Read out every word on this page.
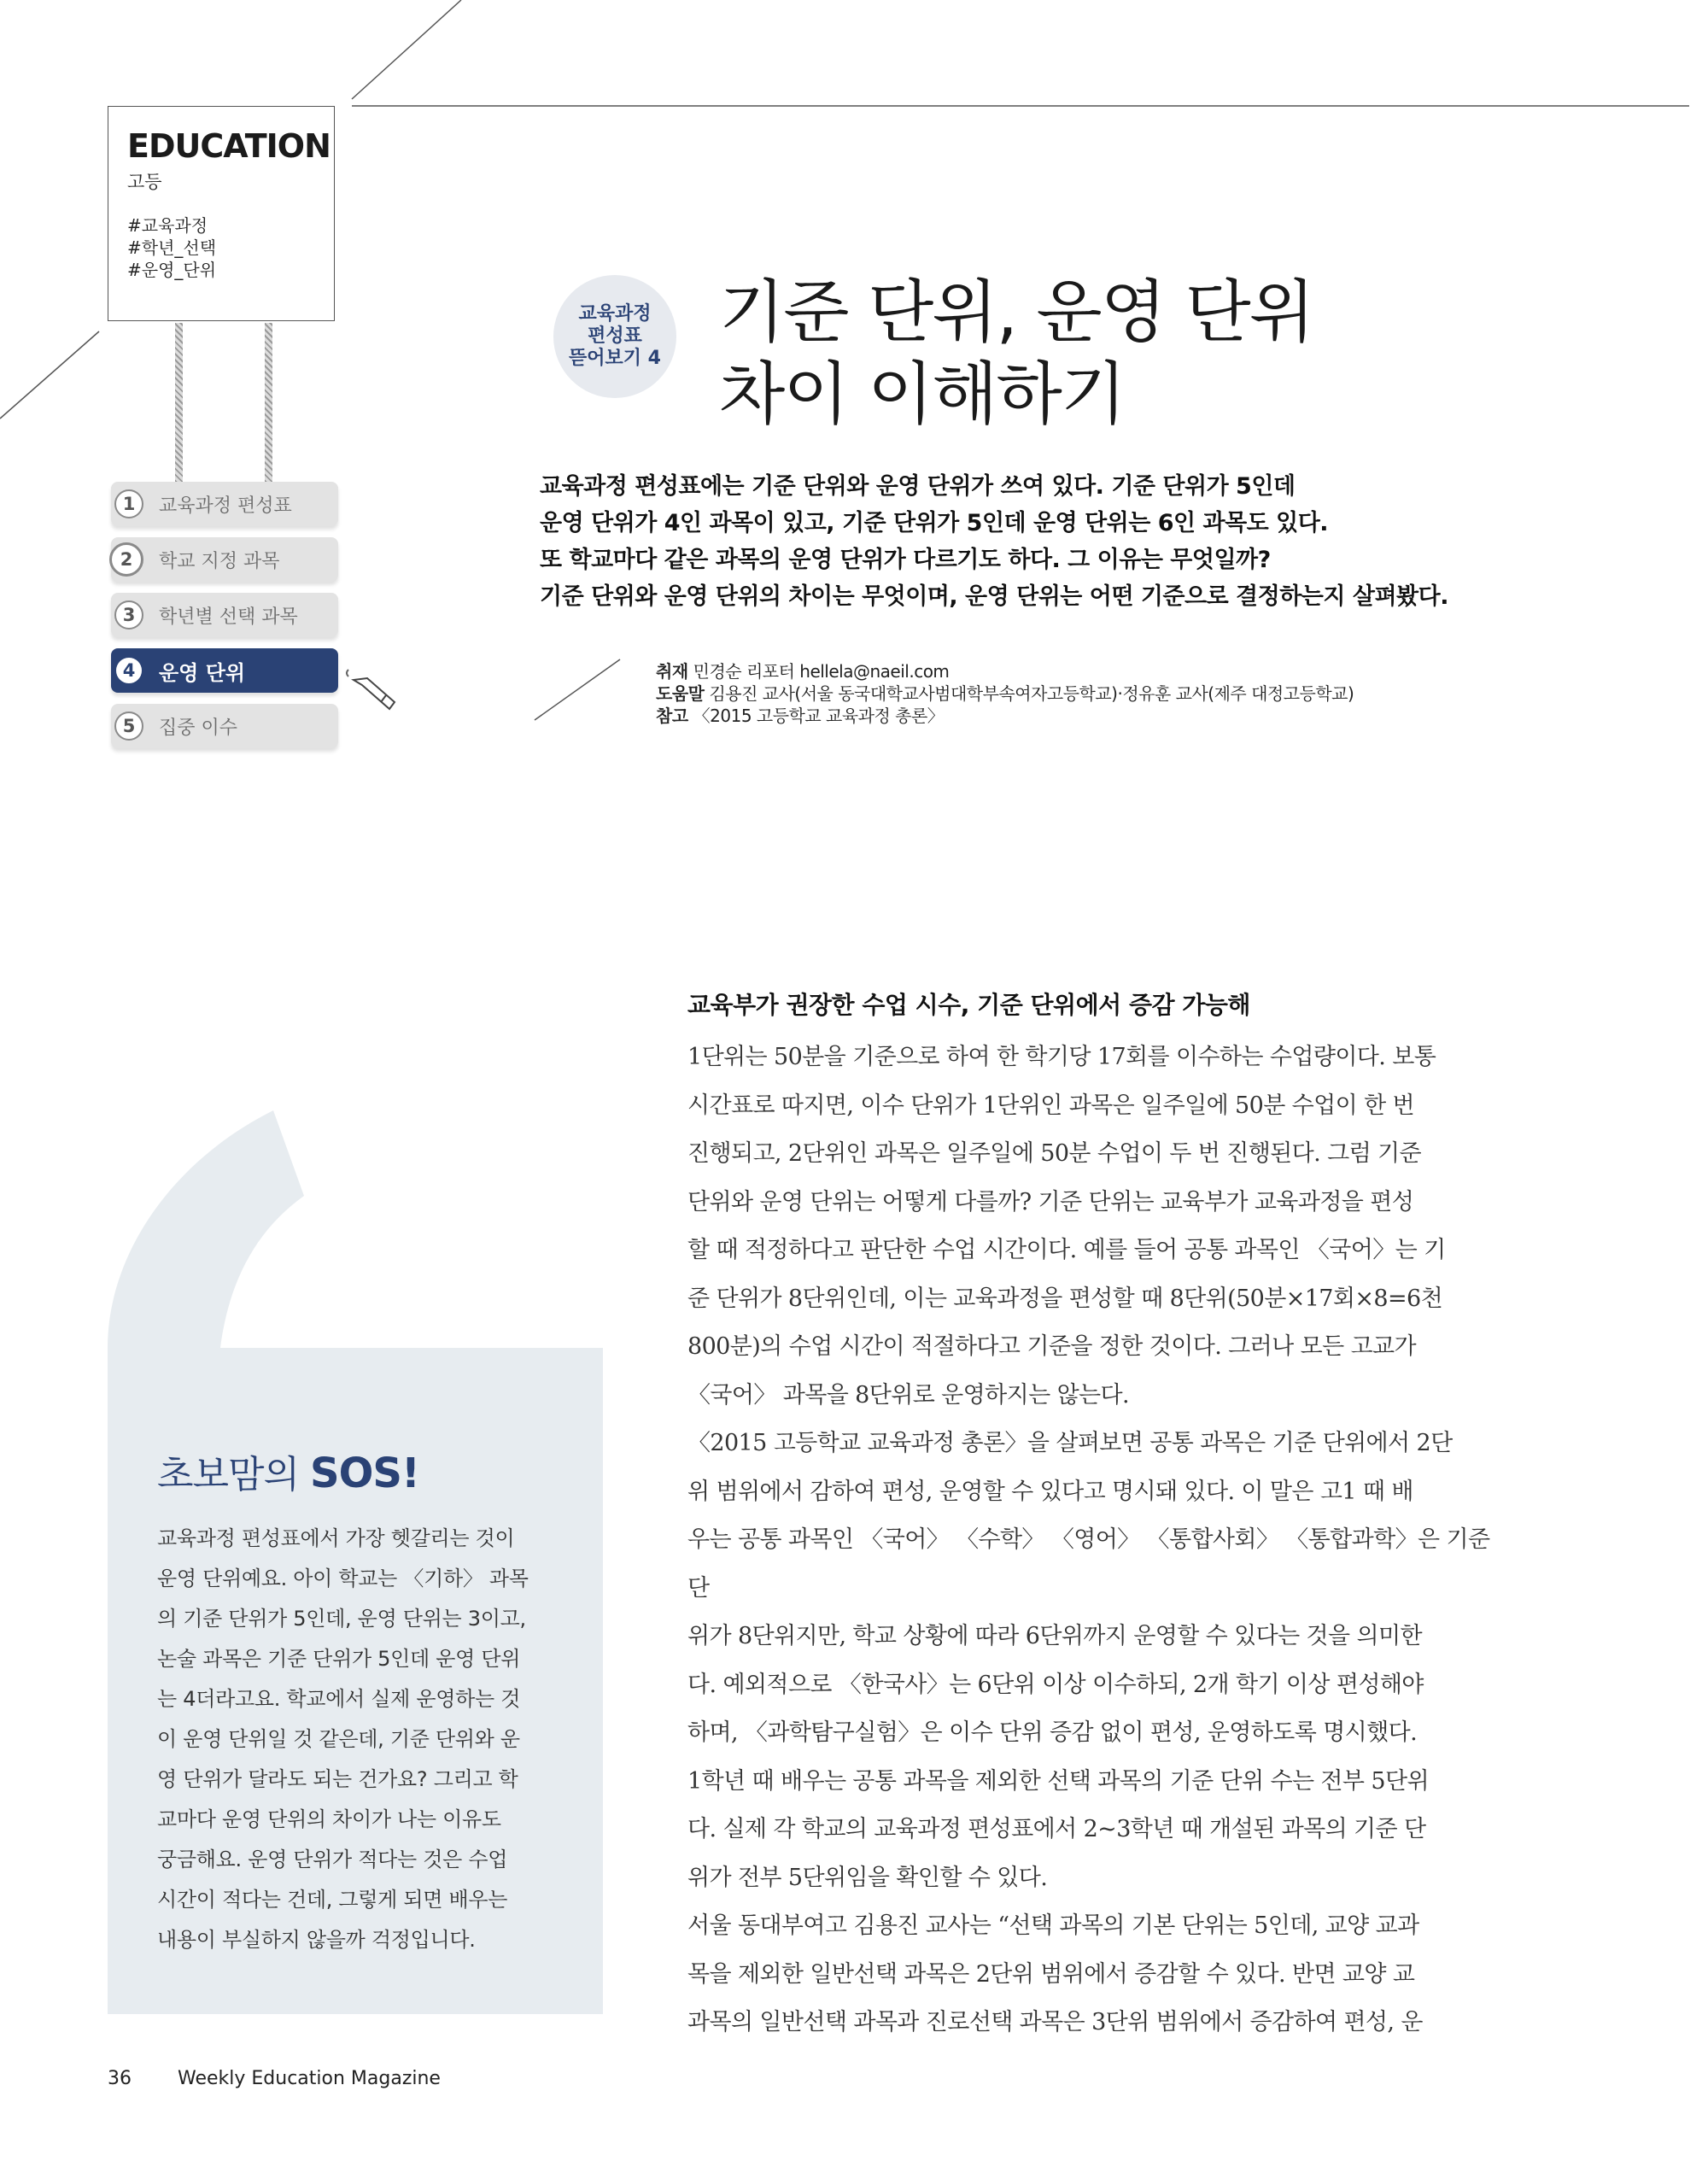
EDUCATION
고등
#교육과정
#학년_선택
#운영_단위
1	교육과정 편성표
2	학교 지정 과목
3	학년별 선택 과목
4	운영 단위
5	집중 이수
교육과정
편성표
뜯어보기 4
기준 단위, 운영 단위
차이 이해하기
교육과정 편성표에는 기준 단위와 운영 단위가 쓰여 있다. 기준 단위가 5인데
운영 단위가 4인 과목이 있고, 기준 단위가 5인데 운영 단위는 6인 과목도 있다.
또 학교마다 같은 과목의 운영 단위가 다르기도 하다. 그 이유는 무엇일까?
기준 단위와 운영 단위의 차이는 무엇이며, 운영 단위는 어떤 기준으로 결정하는지 살펴봤다.
취재 민경순 리포터 hellela@naeil.com
도움말 김용진 교사(서울 동국대학교사범대학부속여자고등학교)·정유훈 교사(제주 대정고등학교)
참고 〈2015 고등학교 교육과정 총론〉
초보맘의 SOS!

교육과정 편성표에서 가장 헷갈리는 것이

운영 단위예요. 아이 학교는 〈기하〉 과목

의 기준 단위가 5인데, 운영 단위는 3이고,

논술 과목은 기준 단위가 5인데 운영 단위

는 4더라고요. 학교에서 실제 운영하는 것

이 운영 단위일 것 같은데, 기준 단위와 운

영 단위가 달라도 되는 건가요? 그리고 학

교마다 운영 단위의 차이가 나는 이유도

궁금해요. 운영 단위가 적다는 것은 수업

시간이 적다는 건데, 그렇게 되면 배우는

내용이 부실하지 않을까 걱정입니다.

교육부가 권장한 수업 시수, 기준 단위에서 증감 가능해

1단위는 50분을 기준으로 하여 한 학기당 17회를 이수하는 수업량이다. 보통

시간표로 따지면, 이수 단위가 1단위인 과목은 일주일에 50분 수업이 한 번

진행되고, 2단위인 과목은 일주일에 50분 수업이 두 번 진행된다. 그럼 기준

단위와 운영 단위는 어떻게 다를까? 기준 단위는 교육부가 교육과정을 편성

할 때 적정하다고 판단한 수업 시간이다. 예를 들어 공통 과목인 〈국어〉는 기

준 단위가 8단위인데, 이는 교육과정을 편성할 때 8단위(50분×17회×8=6천

800분)의 수업 시간이 적절하다고 기준을 정한 것이다. 그러나 모든 고교가

〈국어〉 과목을 8단위로 운영하지는 않는다.

〈2015 고등학교 교육과정 총론〉을 살펴보면 공통 과목은 기준 단위에서 2단

위 범위에서 감하여 편성, 운영할 수 있다고 명시돼 있다. 이 말은 고1 때 배

우는 공통 과목인 〈국어〉 〈수학〉 〈영어〉 〈통합사회〉 〈통합과학〉은 기준 단

위가 8단위지만, 학교 상황에 따라 6단위까지 운영할 수 있다는 것을 의미한

다. 예외적으로 〈한국사〉는 6단위 이상 이수하되, 2개 학기 이상 편성해야

하며, 〈과학탐구실험〉은 이수 단위 증감 없이 편성, 운영하도록 명시했다.

1학년 때 배우는 공통 과목을 제외한 선택 과목의 기준 단위 수는 전부 5단위

다. 실제 각 학교의 교육과정 편성표에서 2~3학년 때 개설된 과목의 기준 단

위가 전부 5단위임을 확인할 수 있다.

서울 동대부여고 김용진 교사는 “선택 과목의 기본 단위는 5인데, 교양 교과

목을 제외한 일반선택 과목은 2단위 범위에서 증감할 수 있다. 반면 교양 교

과목의 일반선택 과목과 진로선택 과목은 3단위 범위에서 증감하여 편성, 운

36 Weekly Education Magazine
